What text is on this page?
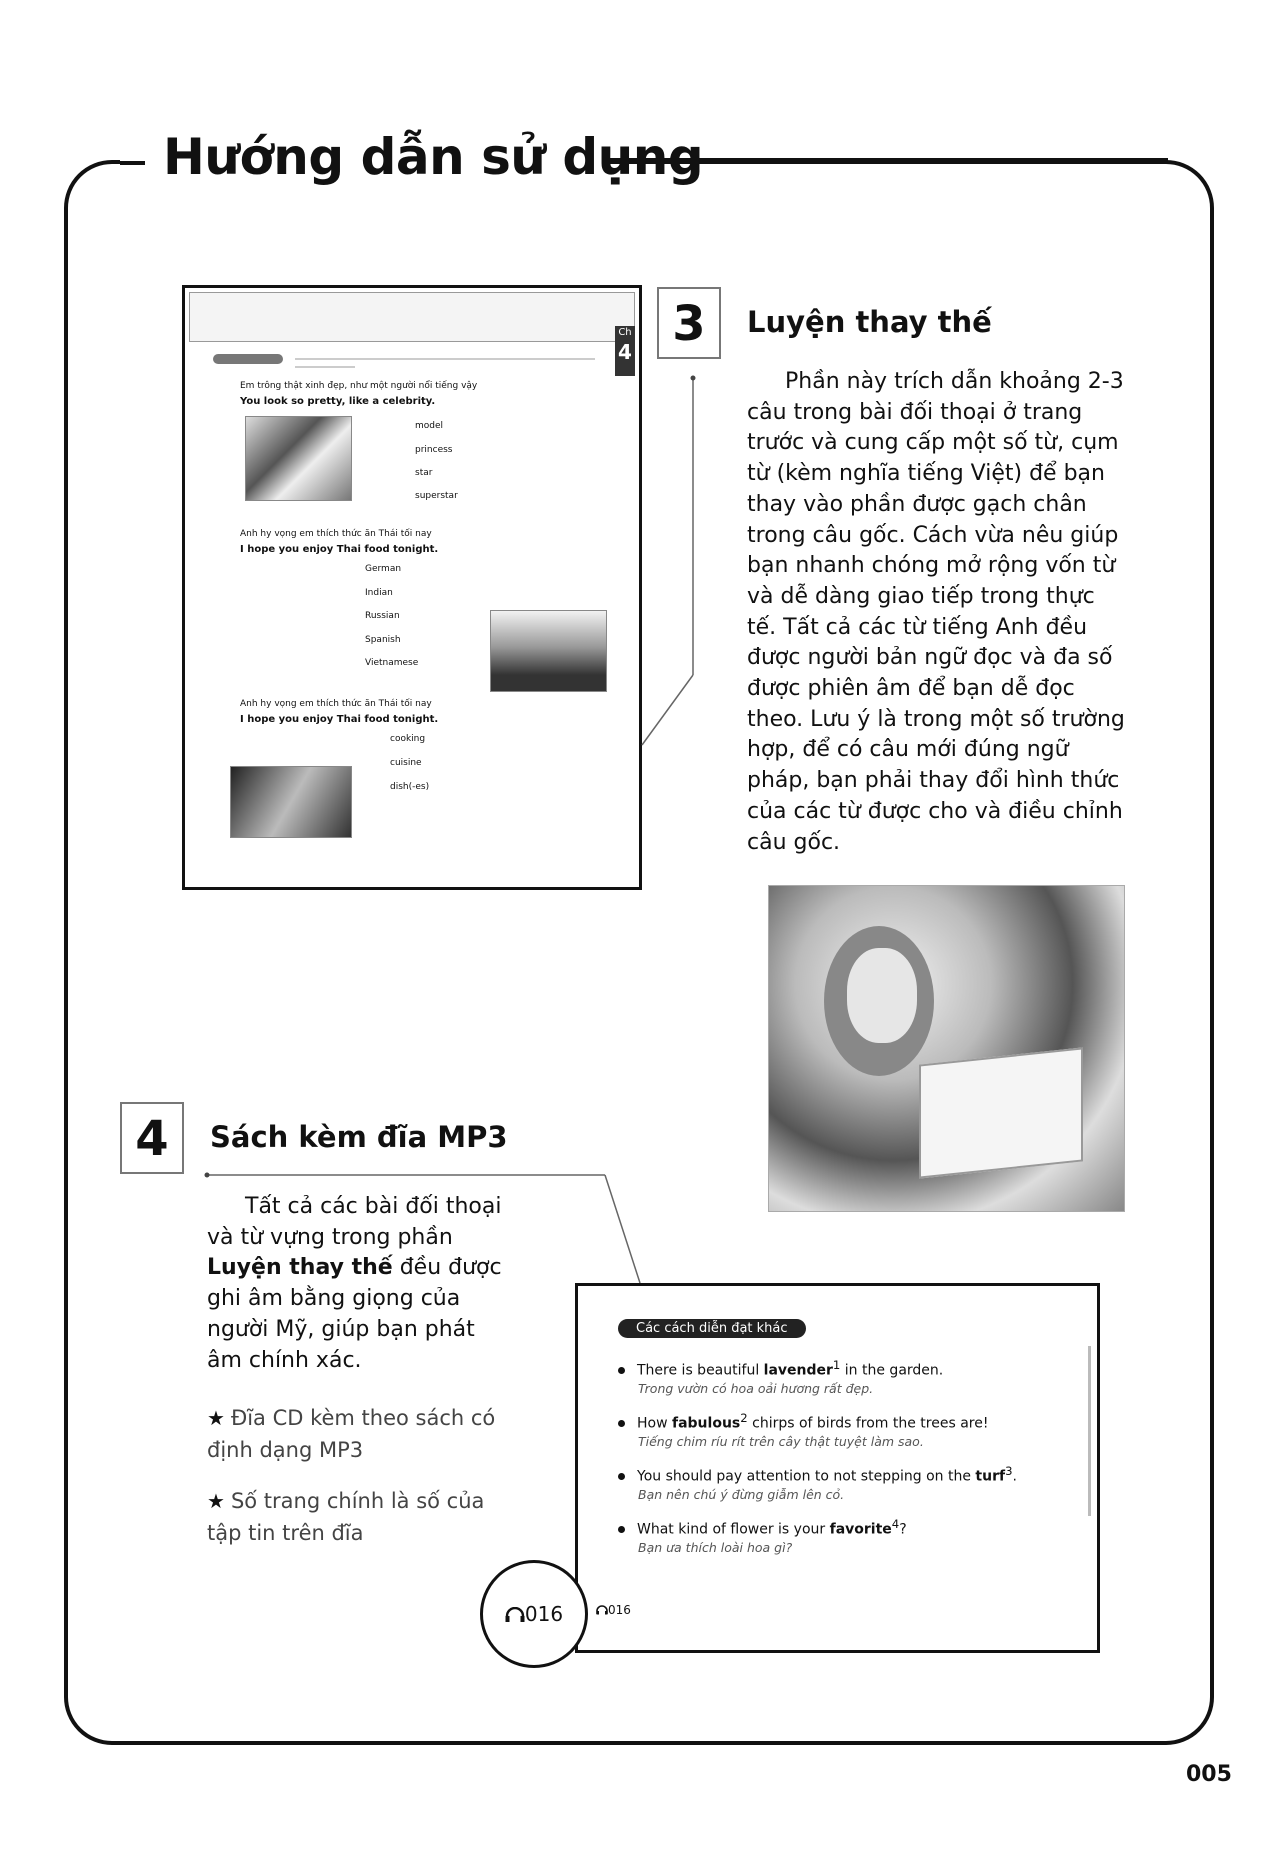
Hướng dẫn sử dụng
Ch
4
Em trông thật xinh đẹp, như một người nổi tiếng vậy
You look so pretty, like a celebrity.
model
princess
star
superstar
Anh hy vọng em thích thức ăn Thái tối nay
I hope you enjoy Thai food tonight.
German
Indian
Russian
Spanish
Vietnamese
Anh hy vọng em thích thức ăn Thái tối nay
I hope you enjoy Thai food tonight.
cooking
cuisine
dish(-es)
3	Luyện thay thế
Phần này trích dẫn khoảng 2-3 câu trong bài đối thoại ở trang trước và cung cấp một số từ, cụm từ (kèm nghĩa tiếng Việt) để bạn thay vào phần được gạch chân trong câu gốc. Cách vừa nêu giúp bạn nhanh chóng mở rộng vốn từ và dễ dàng giao tiếp trong thực tế. Tất cả các từ tiếng Anh đều được người bản ngữ đọc và đa số được phiên âm để bạn dễ đọc theo. Lưu ý là trong một số trường hợp, để có câu mới đúng ngữ pháp, bạn phải thay đổi hình thức của các từ được cho và điều chỉnh câu gốc.
4	Sách kèm đĩa MP3
Tất cả các bài đối thoại và từ vựng trong phần Luyện thay thế đều được ghi âm bằng giọng của người Mỹ, giúp bạn phát âm chính xác.
★ Đĩa CD kèm theo sách có định dạng MP3
★ Số trang chính là số của tập tin trên đĩa
Các cách diễn đạt khác
There is beautiful lavender$^1$ in the garden.
Trong vườn có hoa oải hương rất đẹp.
How fabulous$^2$ chirps of birds from the trees are!
Tiếng chim ríu rít trên cây thật tuyệt làm sao.
You should pay attention to not stepping on the turf$^3$.
Bạn nên chú ý đừng giẫm lên cỏ.
What kind of flower is your favorite$^4$?
Bạn ưa thích loài hoa gì?
016
016
005
